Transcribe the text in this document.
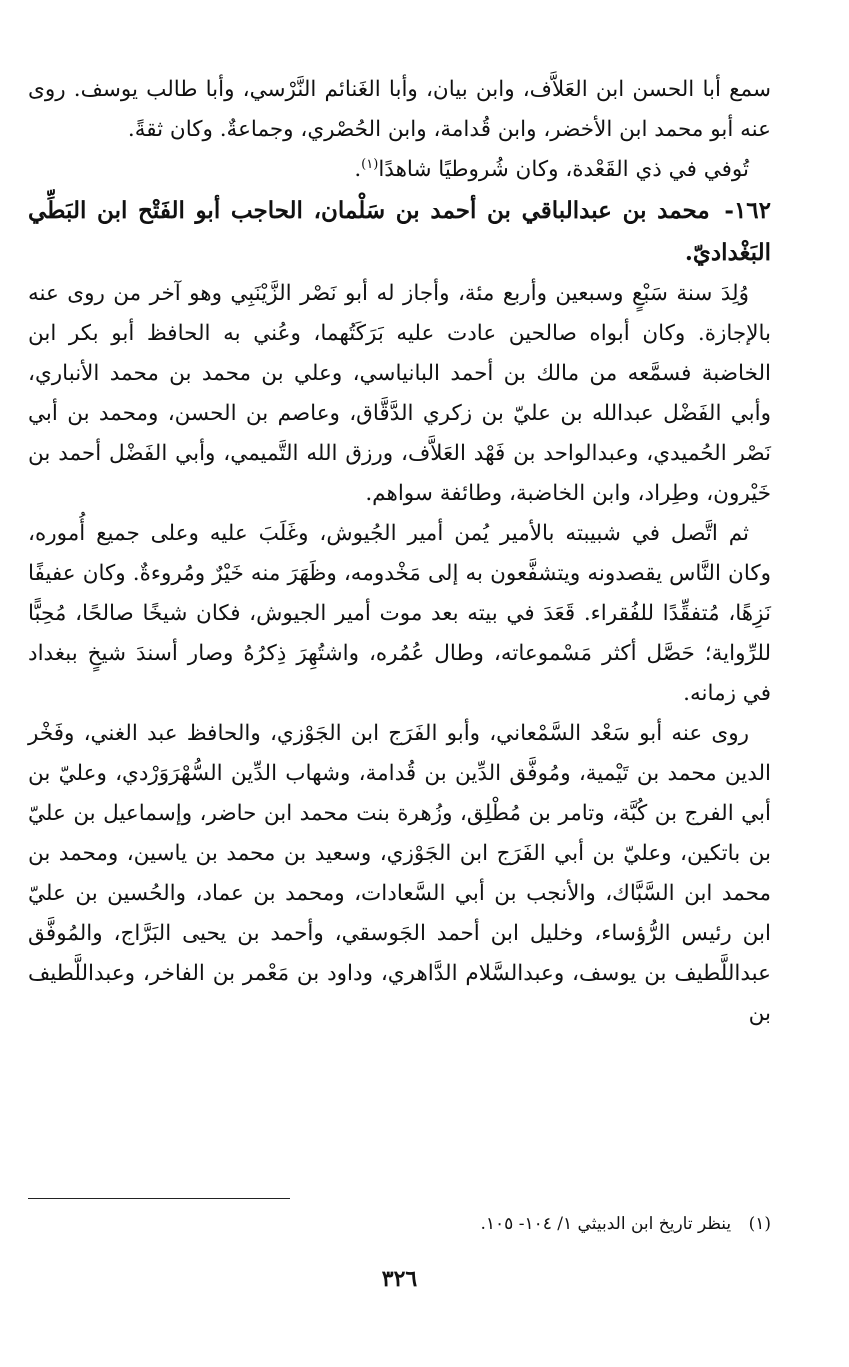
سمع أبا الحسن ابن العَلاَّف، وابن بيان، وأبا الغَنائم النَّرْسي، وأبا طالب يوسف. روى عنه أبو محمد ابن الأخضر، وابن قُدامة، وابن الحُصْري، وجماعةٌ. وكان ثقةً.

تُوفي في ذي القَعْدة، وكان شُروطيًا شاهدًا$^{(١)}$.

١٦٢- محمد بن عبدالباقي بن أحمد بن سَلْمان، الحاجب أبو الفَتْح ابن البَطِّي البَغْداديّ.

وُلِدَ سنة سَبْعٍ وسبعين وأربع مئة، وأجاز له أبو نَصْر الزَّيْنَبِي وهو آخر من روى عنه بالإجازة. وكان أبواه صالحين عادت عليه بَرَكَتُهما، وعُني به الحافظ أبو بكر ابن الخاضبة فسمَّعه من مالك بن أحمد البانياسي، وعلي بن محمد بن محمد الأنباري، وأبي الفَضْل عبدالله بن عليّ بن زكري الدَّقَّاق، وعاصم بن الحسن، ومحمد بن أبي نَصْر الحُميدي، وعبدالواحد بن فَهْد العَلاَّف، ورزق الله التَّميمي، وأبي الفَضْل أحمد بن خَيْرون، وطِراد، وابن الخاضبة، وطائفة سواهم.

ثم اتَّصل في شبيبته بالأمير يُمن أمير الجُيوش، وغَلَبَ عليه وعلى جميع أُموره، وكان النَّاس يقصدونه ويتشفَّعون به إلى مَخْدومه، وظَهَرَ منه خَيْرٌ ومُروءةٌ. وكان عفيفًا نَزِهًا، مُتفقِّدًا للفُقراء. قَعَدَ في بيته بعد موت أمير الجيوش، فكان شيخًا صالحًا، مُحِبًّا للرِّواية؛ حَصَّل أكثر مَسْموعاته، وطال عُمُره، واشتُهِرَ ذِكرُهُ وصار أسندَ شيخٍ ببغداد في زمانه.

روى عنه أبو سَعْد السَّمْعاني، وأبو الفَرَج ابن الجَوْزي، والحافظ عبد الغني، وفَخْر الدين محمد بن تَيْمية، ومُوفَّق الدِّين بن قُدامة، وشهاب الدِّين السُّهْرَوَرْدي، وعليّ بن أبي الفرج بن كُبَّة، وتامر بن مُطْلِق، وزُهرة بنت محمد ابن حاضر، وإسماعيل بن عليّ بن باتكين، وعليّ بن أبي الفَرَج ابن الجَوْزي، وسعيد بن محمد بن ياسين، ومحمد بن محمد ابن السَّبَّاك، والأنجب بن أبي السَّعادات، ومحمد بن عماد، والحُسين بن عليّ ابن رئيس الرُّؤساء، وخليل ابن أحمد الجَوسقي، وأحمد بن يحيى البَرَّاج، والمُوفَّق عبداللَّطيف بن يوسف، وعبدالسَّلام الدَّاهري، وداود بن مَعْمر بن الفاخر، وعبداللَّطيف بن

(١) ينظر تاريخ ابن الدبيثي ١/ ١٠٤- ١٠٥.
٣٢٦
